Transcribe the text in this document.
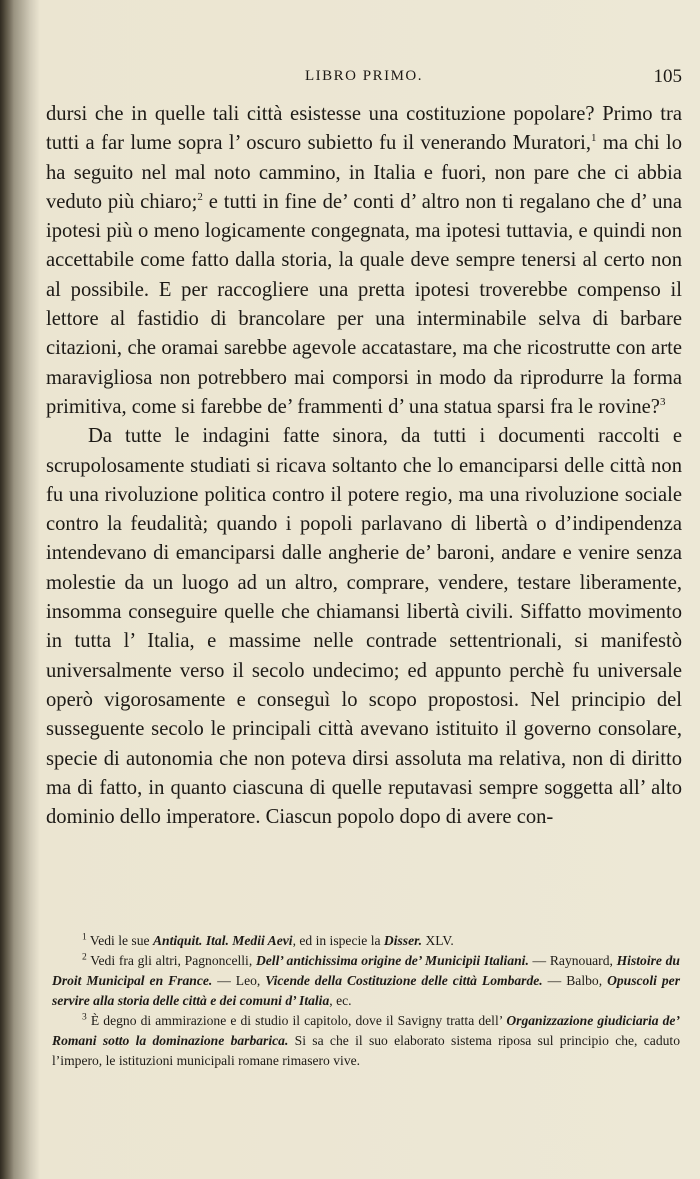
LIBRO PRIMO.	105

dursi che in quelle tali città esistesse una costituzione popolare? Primo tra tutti a far lume sopra l’ oscuro subietto fu il venerando Muratori,$^1$ ma chi lo ha seguito nel mal noto cammino, in Italia e fuori, non pare che ci abbia veduto più chiaro;$^2$ e tutti in fine de’ conti d’ altro non ti regalano che d’ una ipotesi più o meno logicamente congegnata, ma ipotesi tuttavia, e quindi non accettabile come fatto dalla storia, la quale deve sempre tenersi al certo non al possibile. E per raccogliere una pretta ipotesi troverebbe compenso il lettore al fastidio di brancolare per una interminabile selva di barbare citazioni, che oramai sarebbe agevole accatastare, ma che ricostrutte con arte maravigliosa non potrebbero mai comporsi in modo da riprodurre la forma primitiva, come si farebbe de’ frammenti d’ una statua sparsi fra le rovine?$^3$

Da tutte le indagini fatte sinora, da tutti i documenti raccolti e scrupolosamente studiati si ricava soltanto che lo emanciparsi delle città non fu una rivoluzione politica contro il potere regio, ma una rivoluzione sociale contro la feudalità; quando i popoli parlavano di libertà o d’indipendenza intendevano di emanciparsi dalle angherie de’ baroni, andare e venire senza molestie da un luogo ad un altro, comprare, vendere, testare liberamente, insomma conseguire quelle che chiamansi libertà civili. Siffatto movimento in tutta l’ Italia, e massime nelle contrade settentrionali, si manifestò universalmente verso il secolo undecimo; ed appunto perchè fu universale operò vigorosamente e conseguì lo scopo propostosi. Nel principio del susseguente secolo le principali città avevano istituito il governo consolare, specie di autonomia che non poteva dirsi assoluta ma relativa, non di diritto ma di fatto, in quanto ciascuna di quelle reputavasi sempre soggetta all’ alto dominio dello imperatore. Ciascun popolo dopo di avere con-

$^1$ Vedi le sue Antiquit. Ital. Medii Aevi, ed in ispecie la Disser. XLV.

$^2$ Vedi fra gli altri, Pagnoncelli, Dell’ antichissima origine de’ Municipii Italiani. — Raynouard, Histoire du Droit Municipal en France. — Leo, Vicende della Costituzione delle città Lombarde. — Balbo, Opuscoli per servire alla storia delle città e dei comuni d’ Italia, ec.

$^3$ È degno di ammirazione e di studio il capitolo, dove il Savigny tratta dell’ Organizzazione giudiciaria de’ Romani sotto la dominazione barbarica. Si sa che il suo elaborato sistema riposa sul principio che, caduto l’impero, le istituzioni municipali romane rimasero vive.
